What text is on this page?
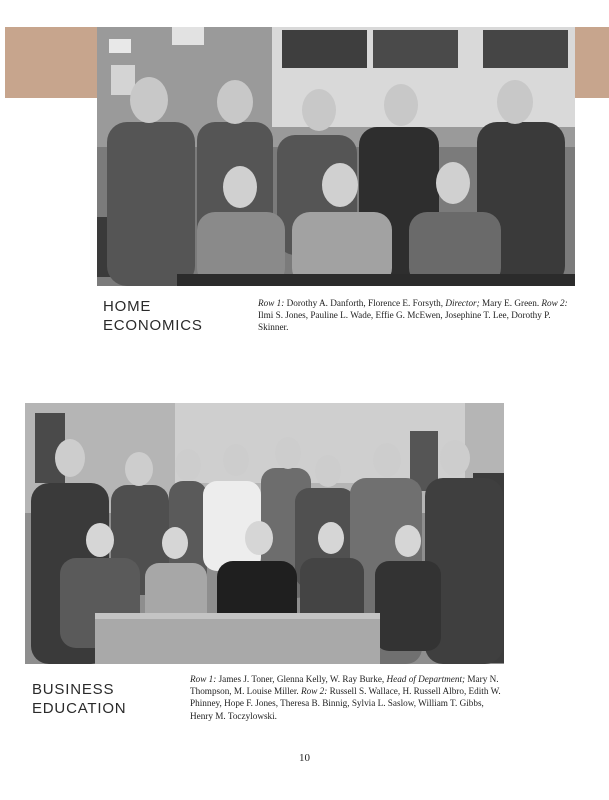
HOME
ECONOMICS

Row 1: Dorothy A. Danforth, Florence E. Forsyth, Director; Mary E. Green. Row 2: Ilmi S. Jones, Pauline L. Wade, Effie G. McEwen, Josephine T. Lee, Dorothy P. Skinner.

BUSINESS
EDUCATION

Row 1: James J. Toner, Glenna Kelly, W. Ray Burke, Head of Department; Mary N. Thompson, M. Louise Miller. Row 2: Russell S. Wallace, H. Russell Albro, Edith W. Phinney, Hope F. Jones, Theresa B. Binnig, Sylvia L. Saslow, William T. Gibbs, Henry M. Toczylowski.

10
